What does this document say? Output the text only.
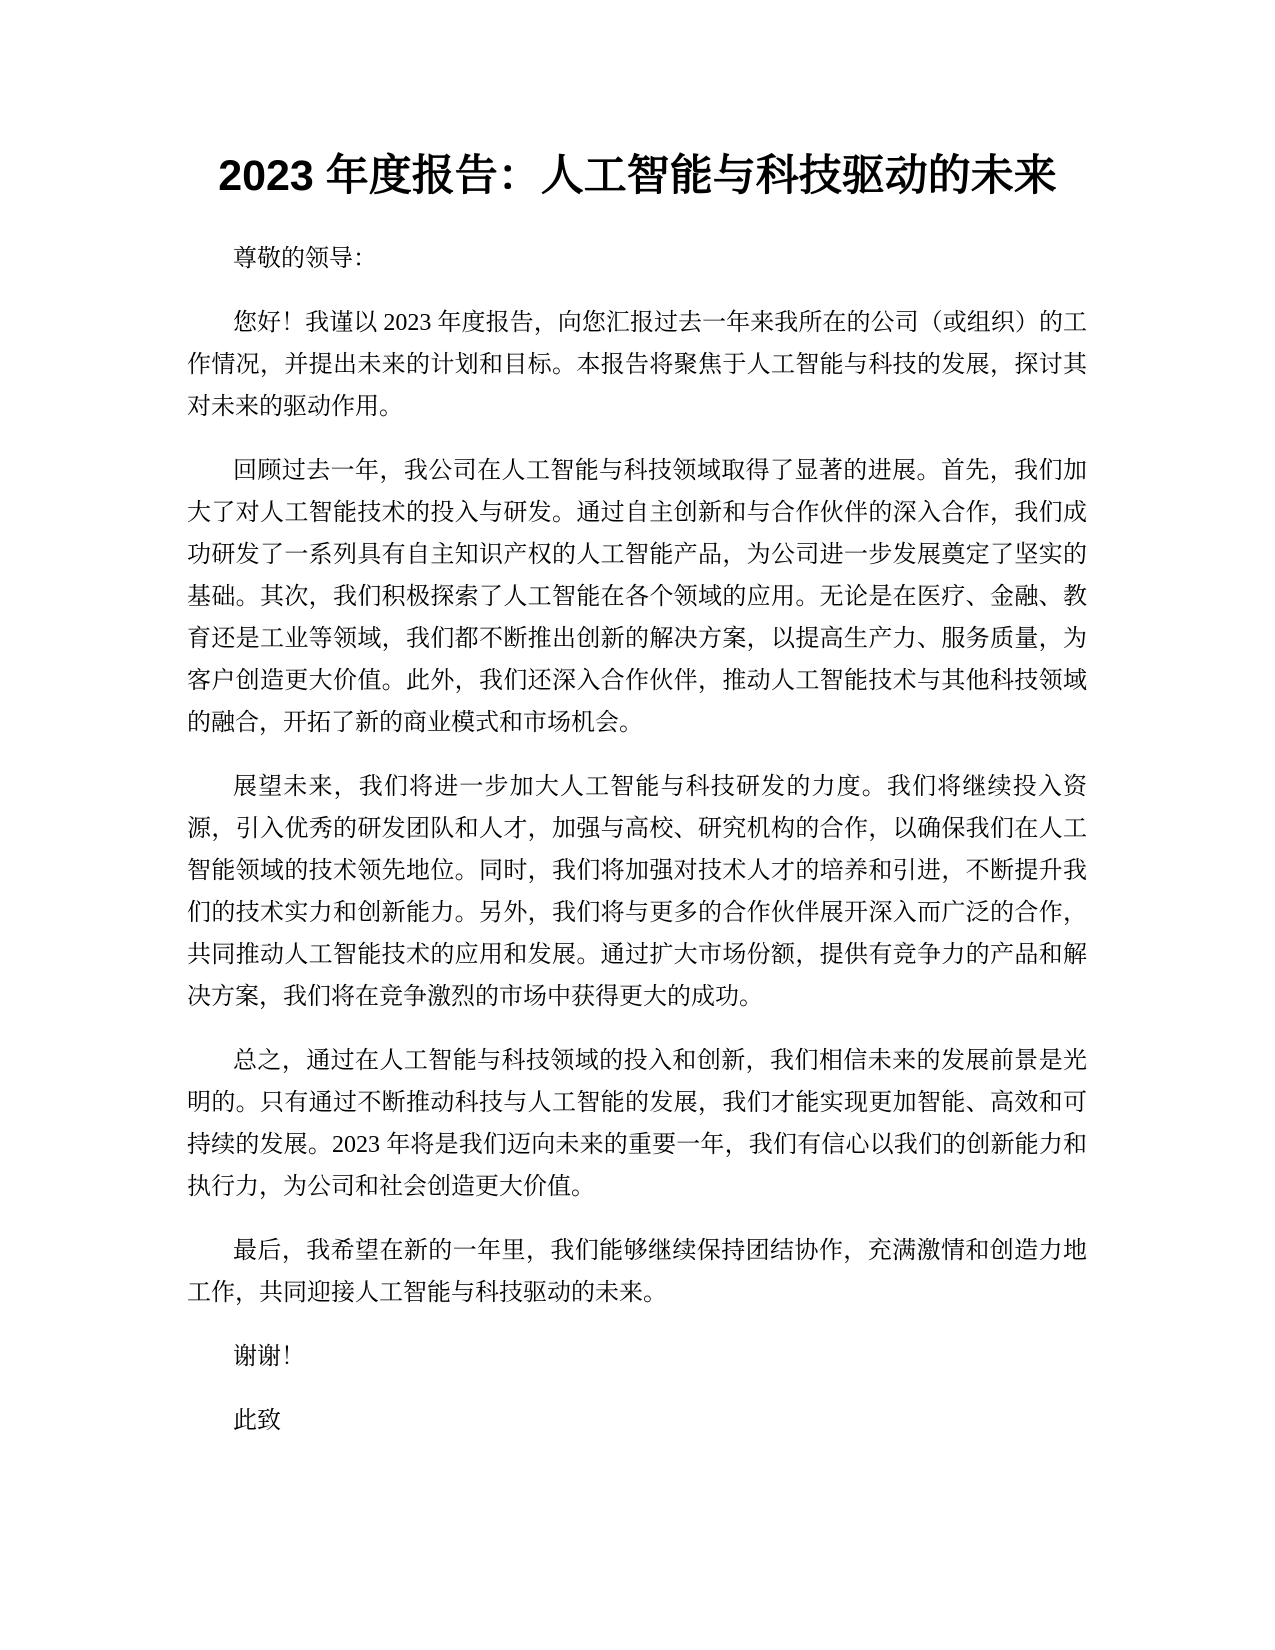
2023 年度报告：人工智能与科技驱动的未来

尊敬的领导：

您好！我谨以 2023 年度报告，向您汇报过去一年来我所在的公司（或组织）的工作情况，并提出未来的计划和目标。本报告将聚焦于人工智能与科技的发展，探讨其对未来的驱动作用。

回顾过去一年，我公司在人工智能与科技领域取得了显著的进展。首先，我们加大了对人工智能技术的投入与研发。通过自主创新和与合作伙伴的深入合作，我们成功研发了一系列具有自主知识产权的人工智能产品，为公司进一步发展奠定了坚实的基础。其次，我们积极探索了人工智能在各个领域的应用。无论是在医疗、金融、教育还是工业等领域，我们都不断推出创新的解决方案，以提高生产力、服务质量，为客户创造更大价值。此外，我们还深入合作伙伴，推动人工智能技术与其他科技领域的融合，开拓了新的商业模式和市场机会。

展望未来，我们将进一步加大人工智能与科技研发的力度。我们将继续投入资源，引入优秀的研发团队和人才，加强与高校、研究机构的合作，以确保我们在人工智能领域的技术领先地位。同时，我们将加强对技术人才的培养和引进，不断提升我们的技术实力和创新能力。另外，我们将与更多的合作伙伴展开深入而广泛的合作，共同推动人工智能技术的应用和发展。通过扩大市场份额，提供有竞争力的产品和解决方案，我们将在竞争激烈的市场中获得更大的成功。

总之，通过在人工智能与科技领域的投入和创新，我们相信未来的发展前景是光明的。只有通过不断推动科技与人工智能的发展，我们才能实现更加智能、高效和可持续的发展。2023 年将是我们迈向未来的重要一年，我们有信心以我们的创新能力和执行力，为公司和社会创造更大价值。

最后，我希望在新的一年里，我们能够继续保持团结协作，充满激情和创造力地工作，共同迎接人工智能与科技驱动的未来。

谢谢！

此致
